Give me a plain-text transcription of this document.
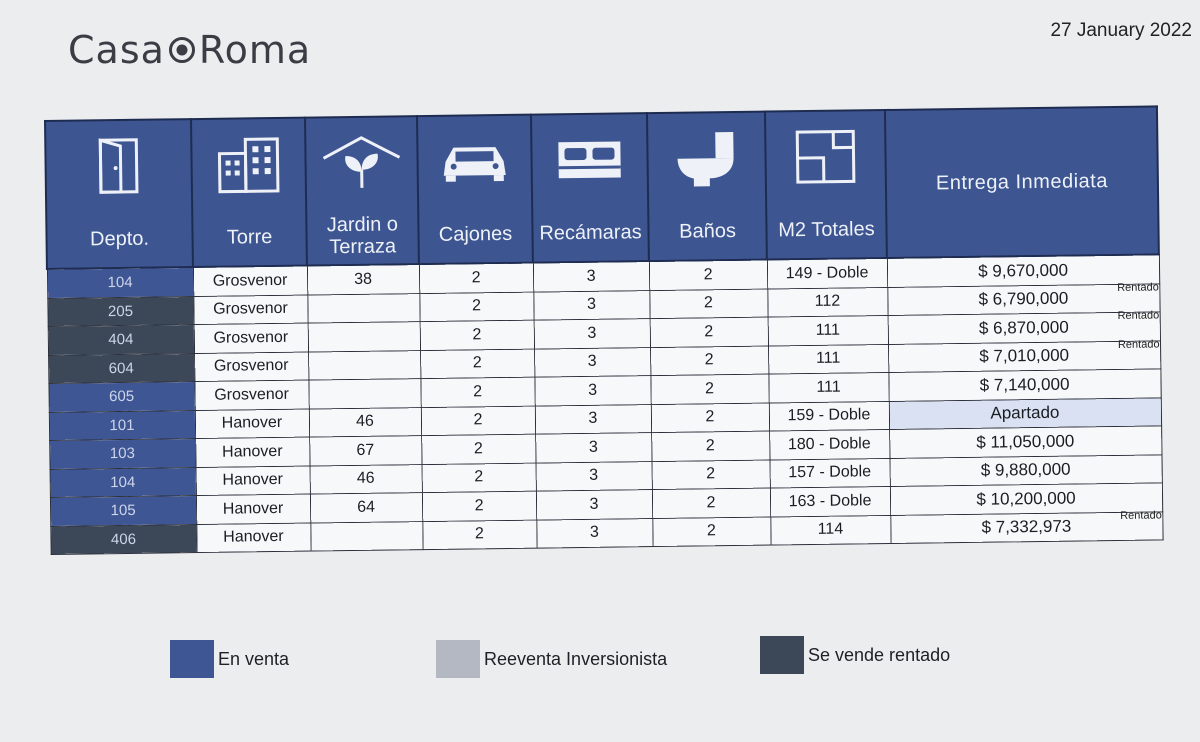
Casa Roma	27 January 2022
Depto.	Torre	Jardin o Terraza	Cajones	Recámaras	Baños	M2 Totales	Entrega Inmediata
104	Grosvenor	38	2	3	2	149 - Doble	$ 9,670,000
205	Grosvenor		2	3	2	112	$ 6,790,000
Rentado

404	Grosvenor		2	3	2	111	$ 6,870,000
Rentado

604	Grosvenor		2	3	2	111	$ 7,010,000
Rentado

605	Grosvenor		2	3	2	111	$ 7,140,000
101	Hanover	46	2	3	2	159 - Doble	Apartado
103	Hanover	67	2	3	2	180 - Doble	$ 11,050,000
104	Hanover	46	2	3	2	157 - Doble	$ 9,880,000
105	Hanover	64	2	3	2	163 - Doble	$ 10,200,000
406	Hanover		2	3	2	114	$ 7,332,973
Rentado
En venta	Reeventa Inversionista	Se vende rentado
